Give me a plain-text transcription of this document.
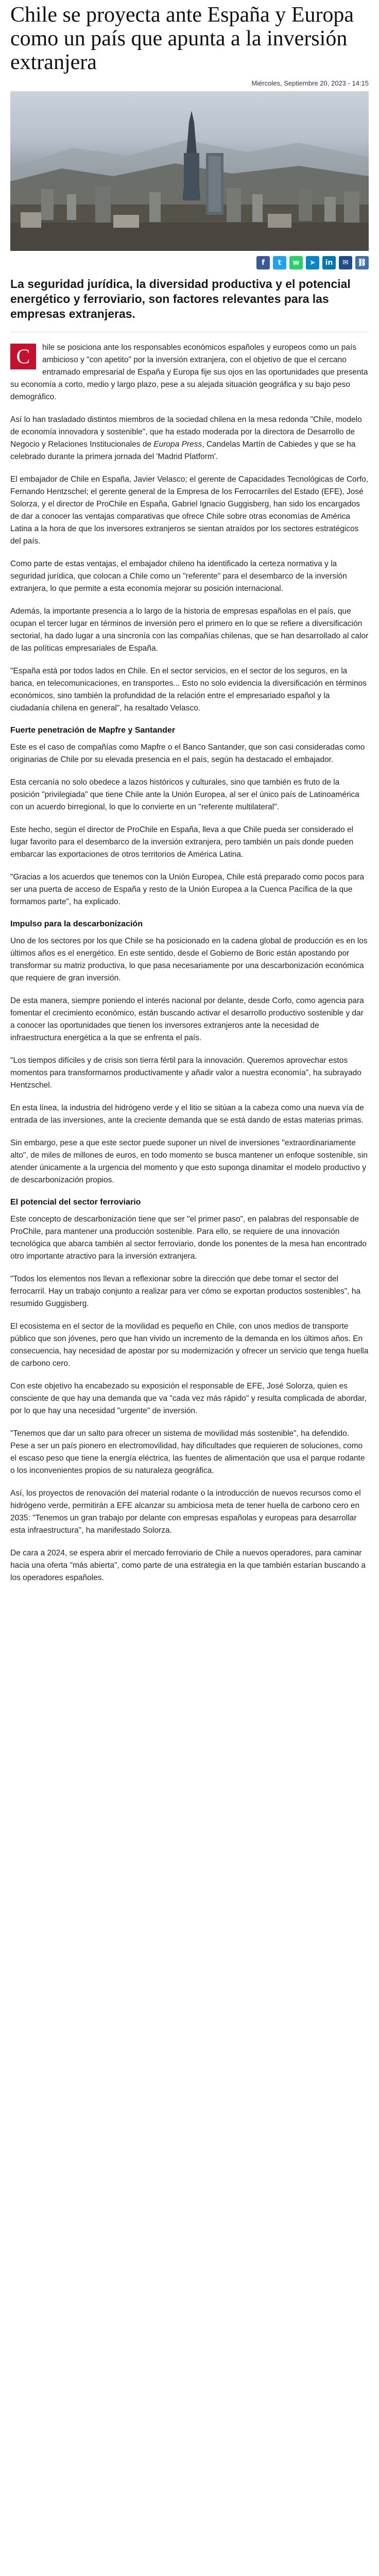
Chile se proyecta ante España y Europa como un país que apunta a la inversión extranjera
Miércoles, Septiembre 20, 2023 - 14:15
f t w ➤ in ✉ ⛓

La seguridad jurídica, la diversidad productiva y el potencial energético y ferroviario, son factores relevantes para las empresas extranjeras.

C	hile se posiciona ante los responsables económicos españoles y europeos como un país ambicioso y "con apetito" por la inversión extranjera, con el objetivo de que el cercano entramado empresarial de España y Europa fije sus ojos en las oportunidades que presenta su economía a corto, medio y largo plazo, pese a su alejada situación geográfica y su bajo peso demográfico.

Así lo han trasladado distintos miembros de la sociedad chilena en la mesa redonda "Chile, modelo de economía innovadora y sostenible", que ha estado moderada por la directora de Desarrollo de Negocio y Relaciones Institucionales de Europa Press, Candelas Martín de Cabiedes y que se ha celebrado durante la primera jornada del 'Madrid Platform'.

El embajador de Chile en España, Javier Velasco; el gerente de Capacidades Tecnológicas de Corfo, Fernando Hentzschel; el gerente general de la Empresa de los Ferrocarriles del Estado (EFE), José Solorza, y el director de ProChile en España, Gabriel Ignacio Guggisberg, han sido los encargados de dar a conocer las ventajas comparativas que ofrece Chile sobre otras economías de América Latina a la hora de que los inversores extranjeros se sientan atraídos por los sectores estratégicos del país.

Como parte de estas ventajas, el embajador chileno ha identificado la certeza normativa y la seguridad jurídica, que colocan a Chile como un "referente" para el desembarco de la inversión extranjera, lo que permite a esta economía mejorar su posición internacional.

Además, la importante presencia a lo largo de la historia de empresas españolas en el país, que ocupan el tercer lugar en términos de inversión pero el primero en lo que se refiere a diversificación sectorial, ha dado lugar a una sincronía con las compañías chilenas, que se han desarrollado al calor de las políticas empresariales de España.

"España está por todos lados en Chile. En el sector servicios, en el sector de los seguros, en la banca, en telecomunicaciones, en transportes... Esto no solo evidencia la diversificación en términos económicos, sino también la profundidad de la relación entre el empresariado español y la ciudadanía chilena en general", ha resaltado Velasco.

Fuerte penetración de Mapfre y Santander

Este es el caso de compañías como Mapfre o el Banco Santander, que son casi consideradas como originarias de Chile por su elevada presencia en el país, según ha destacado el embajador.

Esta cercanía no solo obedece a lazos históricos y culturales, sino que también es fruto de la posición "privilegiada" que tiene Chile ante la Unión Europea, al ser el único país de Latinoamérica con un acuerdo birregional, lo que lo convierte en un "referente multilateral".

Este hecho, según el director de ProChile en España, lleva a que Chile pueda ser considerado el lugar favorito para el desembarco de la inversión extranjera, pero también un país donde pueden embarcar las exportaciones de otros territorios de América Latina.

"Gracias a los acuerdos que tenemos con la Unión Europea, Chile está preparado como pocos para ser una puerta de acceso de España y resto de la Unión Europea a la Cuenca Pacífica de la que formamos parte", ha explicado.

Impulso para la descarbonización

Uno de los sectores por los que Chile se ha posicionado en la cadena global de producción es en los últimos años es el energético. En este sentido, desde el Gobierno de Boric están apostando por transformar su matriz productiva, lo que pasa necesariamente por una descarbonización económica que requiere de gran inversión.

De esta manera, siempre poniendo el interés nacional por delante, desde Corfo, como agencia para fomentar el crecimiento económico, están buscando activar el desarrollo productivo sostenible y dar a conocer las oportunidades que tienen los inversores extranjeros ante la necesidad de infraestructura energética a la que se enfrenta el país.

"Los tiempos difíciles y de crisis son tierra fértil para la innovación. Queremos aprovechar estos momentos para transformarnos productivamente y añadir valor a nuestra economía", ha subrayado Hentzschel.

En esta línea, la industria del hidrógeno verde y el litio se sitúan a la cabeza como una nueva vía de entrada de las inversiones, ante la creciente demanda que se está dando de estas materias primas.

Sin embargo, pese a que este sector puede suponer un nivel de inversiones "extraordinariamente alto", de miles de millones de euros, en todo momento se busca mantener un enfoque sostenible, sin atender únicamente a la urgencia del momento y que esto suponga dinamitar el modelo productivo y de descarbonización propios.

El potencial del sector ferroviario

Este concepto de descarbonización tiene que ser "el primer paso", en palabras del responsable de ProChile, para mantener una producción sostenible. Para ello, se requiere de una innovación tecnológica que abarca también al sector ferroviario, donde los ponentes de la mesa han encontrado otro importante atractivo para la inversión extranjera.

"Todos los elementos nos llevan a reflexionar sobre la dirección que debe tomar el sector del ferrocarril. Hay un trabajo conjunto a realizar para ver cómo se exportan productos sostenibles", ha resumido Guggisberg.

El ecosistema en el sector de la movilidad es pequeño en Chile, con unos medios de transporte público que son jóvenes, pero que han vivido un incremento de la demanda en los últimos años. En consecuencia, hay necesidad de apostar por su modernización y ofrecer un servicio que tenga huella de carbono cero.

Con este objetivo ha encabezado su exposición el responsable de EFE, José Solorza, quien es consciente de que hay una demanda que va "cada vez más rápido" y resulta complicada de abordar, por lo que hay una necesidad "urgente" de inversión.

"Tenemos que dar un salto para ofrecer un sistema de movilidad más sostenible", ha defendido. Pese a ser un país pionero en electromovilidad, hay dificultades que requieren de soluciones, como el escaso peso que tiene la energía eléctrica, las fuentes de alimentación que usa el parque rodante o los inconvenientes propios de su naturaleza geográfica.

Así, los proyectos de renovación del material rodante o la introducción de nuevos recursos como el hidrógeno verde, permitirán a EFE alcanzar su ambiciosa meta de tener huella de carbono cero en 2035: "Tenemos un gran trabajo por delante con empresas españolas y europeas para desarrollar esta infraestructura", ha manifestado Solorza.

De cara a 2024, se espera abrir el mercado ferroviario de Chile a nuevos operadores, para caminar hacia una oferta "más abierta", como parte de una estrategia en la que también estarían buscando a los operadores españoles.
